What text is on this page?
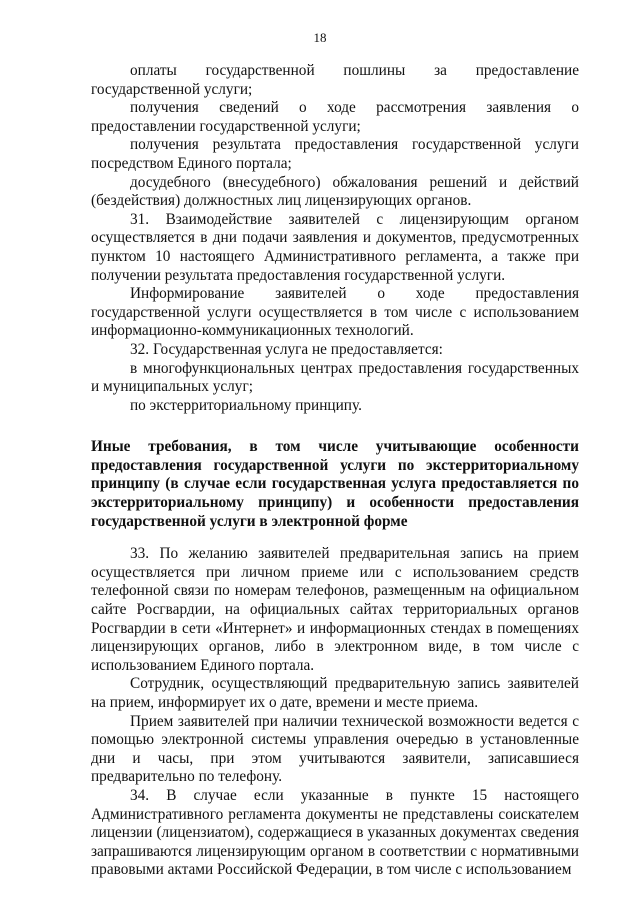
18

оплаты государственной пошлины за предоставление государственной услуги;

получения сведений о ходе рассмотрения заявления о предоставлении государственной услуги;

получения результата предоставления государственной услуги посредством Единого портала;

досудебного (внесудебного) обжалования решений и действий (бездействия) должностных лиц лицензирующих органов.

31. Взаимодействие заявителей с лицензирующим органом осуществляется в дни подачи заявления и документов, предусмотренных пунктом 10 настоящего Административного регламента, а также при получении результата предоставления государственной услуги.

Информирование заявителей о ходе предоставления государственной услуги осуществляется в том числе с использованием информационно-коммуникационных технологий.

32. Государственная услуга не предоставляется:

в многофункциональных центрах предоставления государственных и муниципальных услуг;

по экстерриториальному принципу.

Иные требования, в том числе учитывающие особенности предоставления государственной услуги по экстерриториальному принципу (в случае если государственная услуга предоставляется по экстерриториальному принципу) и особенности предоставления государственной услуги в электронной форме

33. По желанию заявителей предварительная запись на прием осуществляется при личном приеме или с использованием средств телефонной связи по номерам телефонов, размещенным на официальном сайте Росгвардии, на официальных сайтах территориальных органов Росгвардии в сети «Интернет» и информационных стендах в помещениях лицензирующих органов, либо в электронном виде, в том числе с использованием Единого портала.

Сотрудник, осуществляющий предварительную запись заявителей на прием, информирует их о дате, времени и месте приема.

Прием заявителей при наличии технической возможности ведется с помощью электронной системы управления очередью в установленные дни и часы, при этом учитываются заявители, записавшиеся предварительно по телефону.

34. В случае если указанные в пункте 15 настоящего Административного регламента документы не представлены соискателем лицензии (лицензиатом), содержащиеся в указанных документах сведения запрашиваются лицензирующим органом в соответствии с нормативными правовыми актами Российской Федерации, в том числе с использованием
